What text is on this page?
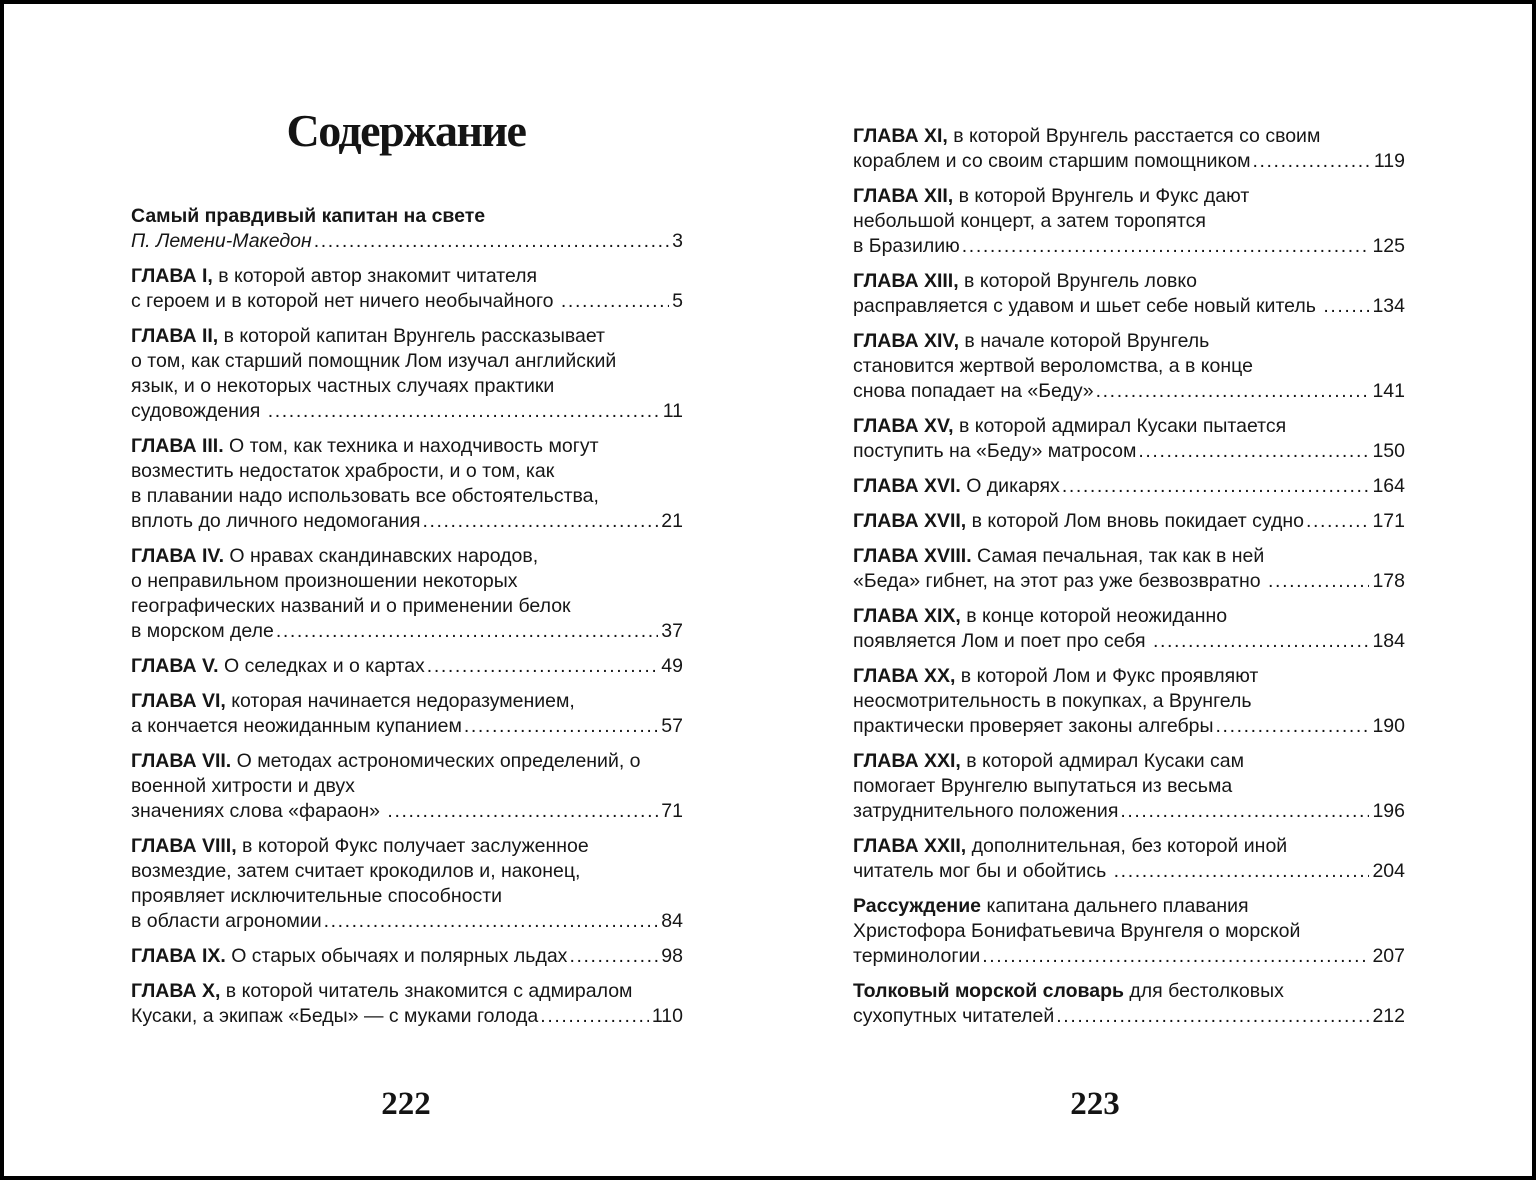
Содержание
Самый правдивый капитан на свете
П. Лемени-Македон .....	3
ГЛАВА I, в которой автор знакомит читателя
с героем и в которой нет ничего необычайного .....	5
ГЛАВА II, в которой капитан Врунгель рассказывает
о том, как старший помощник Лом изучал английский
язык, и о некоторых частных случаях практики
судовождения .....	11
ГЛАВА III. О том, как техника и находчивость могут
возместить недостаток храбрости, и о том, как
в плавании надо использовать все обстоятельства,
вплоть до личного недомогания .....	21
ГЛАВА IV. О нравах скандинавских народов,
о неправильном произношении некоторых
географических названий и о применении белок
в морском деле .....	37
ГЛАВА V. О селедках и о картах .....	49
ГЛАВА VI, которая начинается недоразумением,
а кончается неожиданным купанием .....	57
ГЛАВА VII. О методах астрономических определений, о
военной хитрости и двух
значениях слова «фараон» .....	71
ГЛАВА VIII, в которой Фукс получает заслуженное
возмездие, затем считает крокодилов и, наконец,
проявляет исключительные способности
в области агрономии .....	84
ГЛАВА IX. О старых обычаях и полярных льдах .....	98
ГЛАВА X, в которой читатель знакомится с адмиралом
Кусаки, а экипаж «Беды» — с муками голода .....	110
ГЛАВА XI, в которой Врунгель расстается со своим
кораблем и со своим старшим помощником .....	119
ГЛАВА XII, в которой Врунгель и Фукс дают
небольшой концерт, а затем торопятся
в Бразилию .....	125
ГЛАВА XIII, в которой Врунгель ловко
расправляется с удавом и шьет себе новый китель .....	134
ГЛАВА XIV, в начале которой Врунгель
становится жертвой вероломства, а в конце
снова попадает на «Беду» .....	141
ГЛАВА XV, в которой адмирал Кусаки пытается
поступить на «Беду» матросом .....	150
ГЛАВА XVI. О дикарях .....	164
ГЛАВА XVII, в которой Лом вновь покидает судно .....	171
ГЛАВА XVIII. Самая печальная, так как в ней
«Беда» гибнет, на этот раз уже безвозвратно .....	178
ГЛАВА XIX, в конце которой неожиданно
появляется Лом и поет про себя .....	184
ГЛАВА XX, в которой Лом и Фукс проявляют
неосмотрительность в покупках, а Врунгель
практически проверяет законы алгебры .....	190
ГЛАВА XXI, в которой адмирал Кусаки сам
помогает Врунгелю выпутаться из весьма
затруднительного положения .....	196
ГЛАВА XXII, дополнительная, без которой иной
читатель мог бы и обойтись .....	204
Рассуждение капитана дальнего плавания
Христофора Бонифатьевича Врунгеля о морской
терминологии .....	207
Толковый морской словарь для бестолковых
сухопутных читателей .....	212
222	223
